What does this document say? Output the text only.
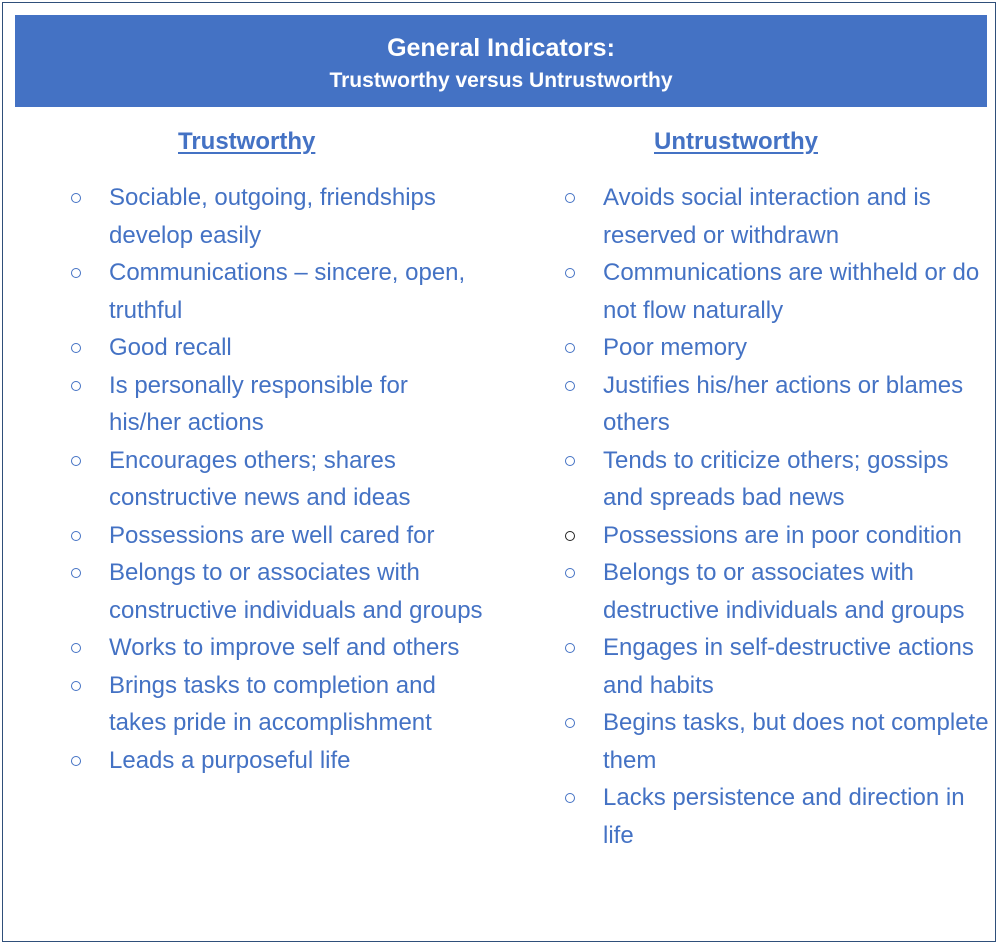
General Indicators:
Trustworthy versus Untrustworthy
Trustworthy	Untrustworthy
Sociable, outgoing, friendships develop easily
Communications – sincere, open, truthful
Good recall
Is personally responsible for his/her actions
Encourages others; shares constructive news and ideas
Possessions are well cared for
Belongs to or associates with constructive individuals and groups
Works to improve self and others
Brings tasks to completion and takes pride in accomplishment
Leads a purposeful life
Avoids social interaction and is reserved or withdrawn
Communications are withheld or do not flow naturally
Poor memory
Justifies his/her actions or blames others
Tends to criticize others; gossips and spreads bad news
Possessions are in poor condition
Belongs to or associates with destructive individuals and groups
Engages in self-destructive actions and habits
Begins tasks, but does not complete them
Lacks persistence and direction in life
